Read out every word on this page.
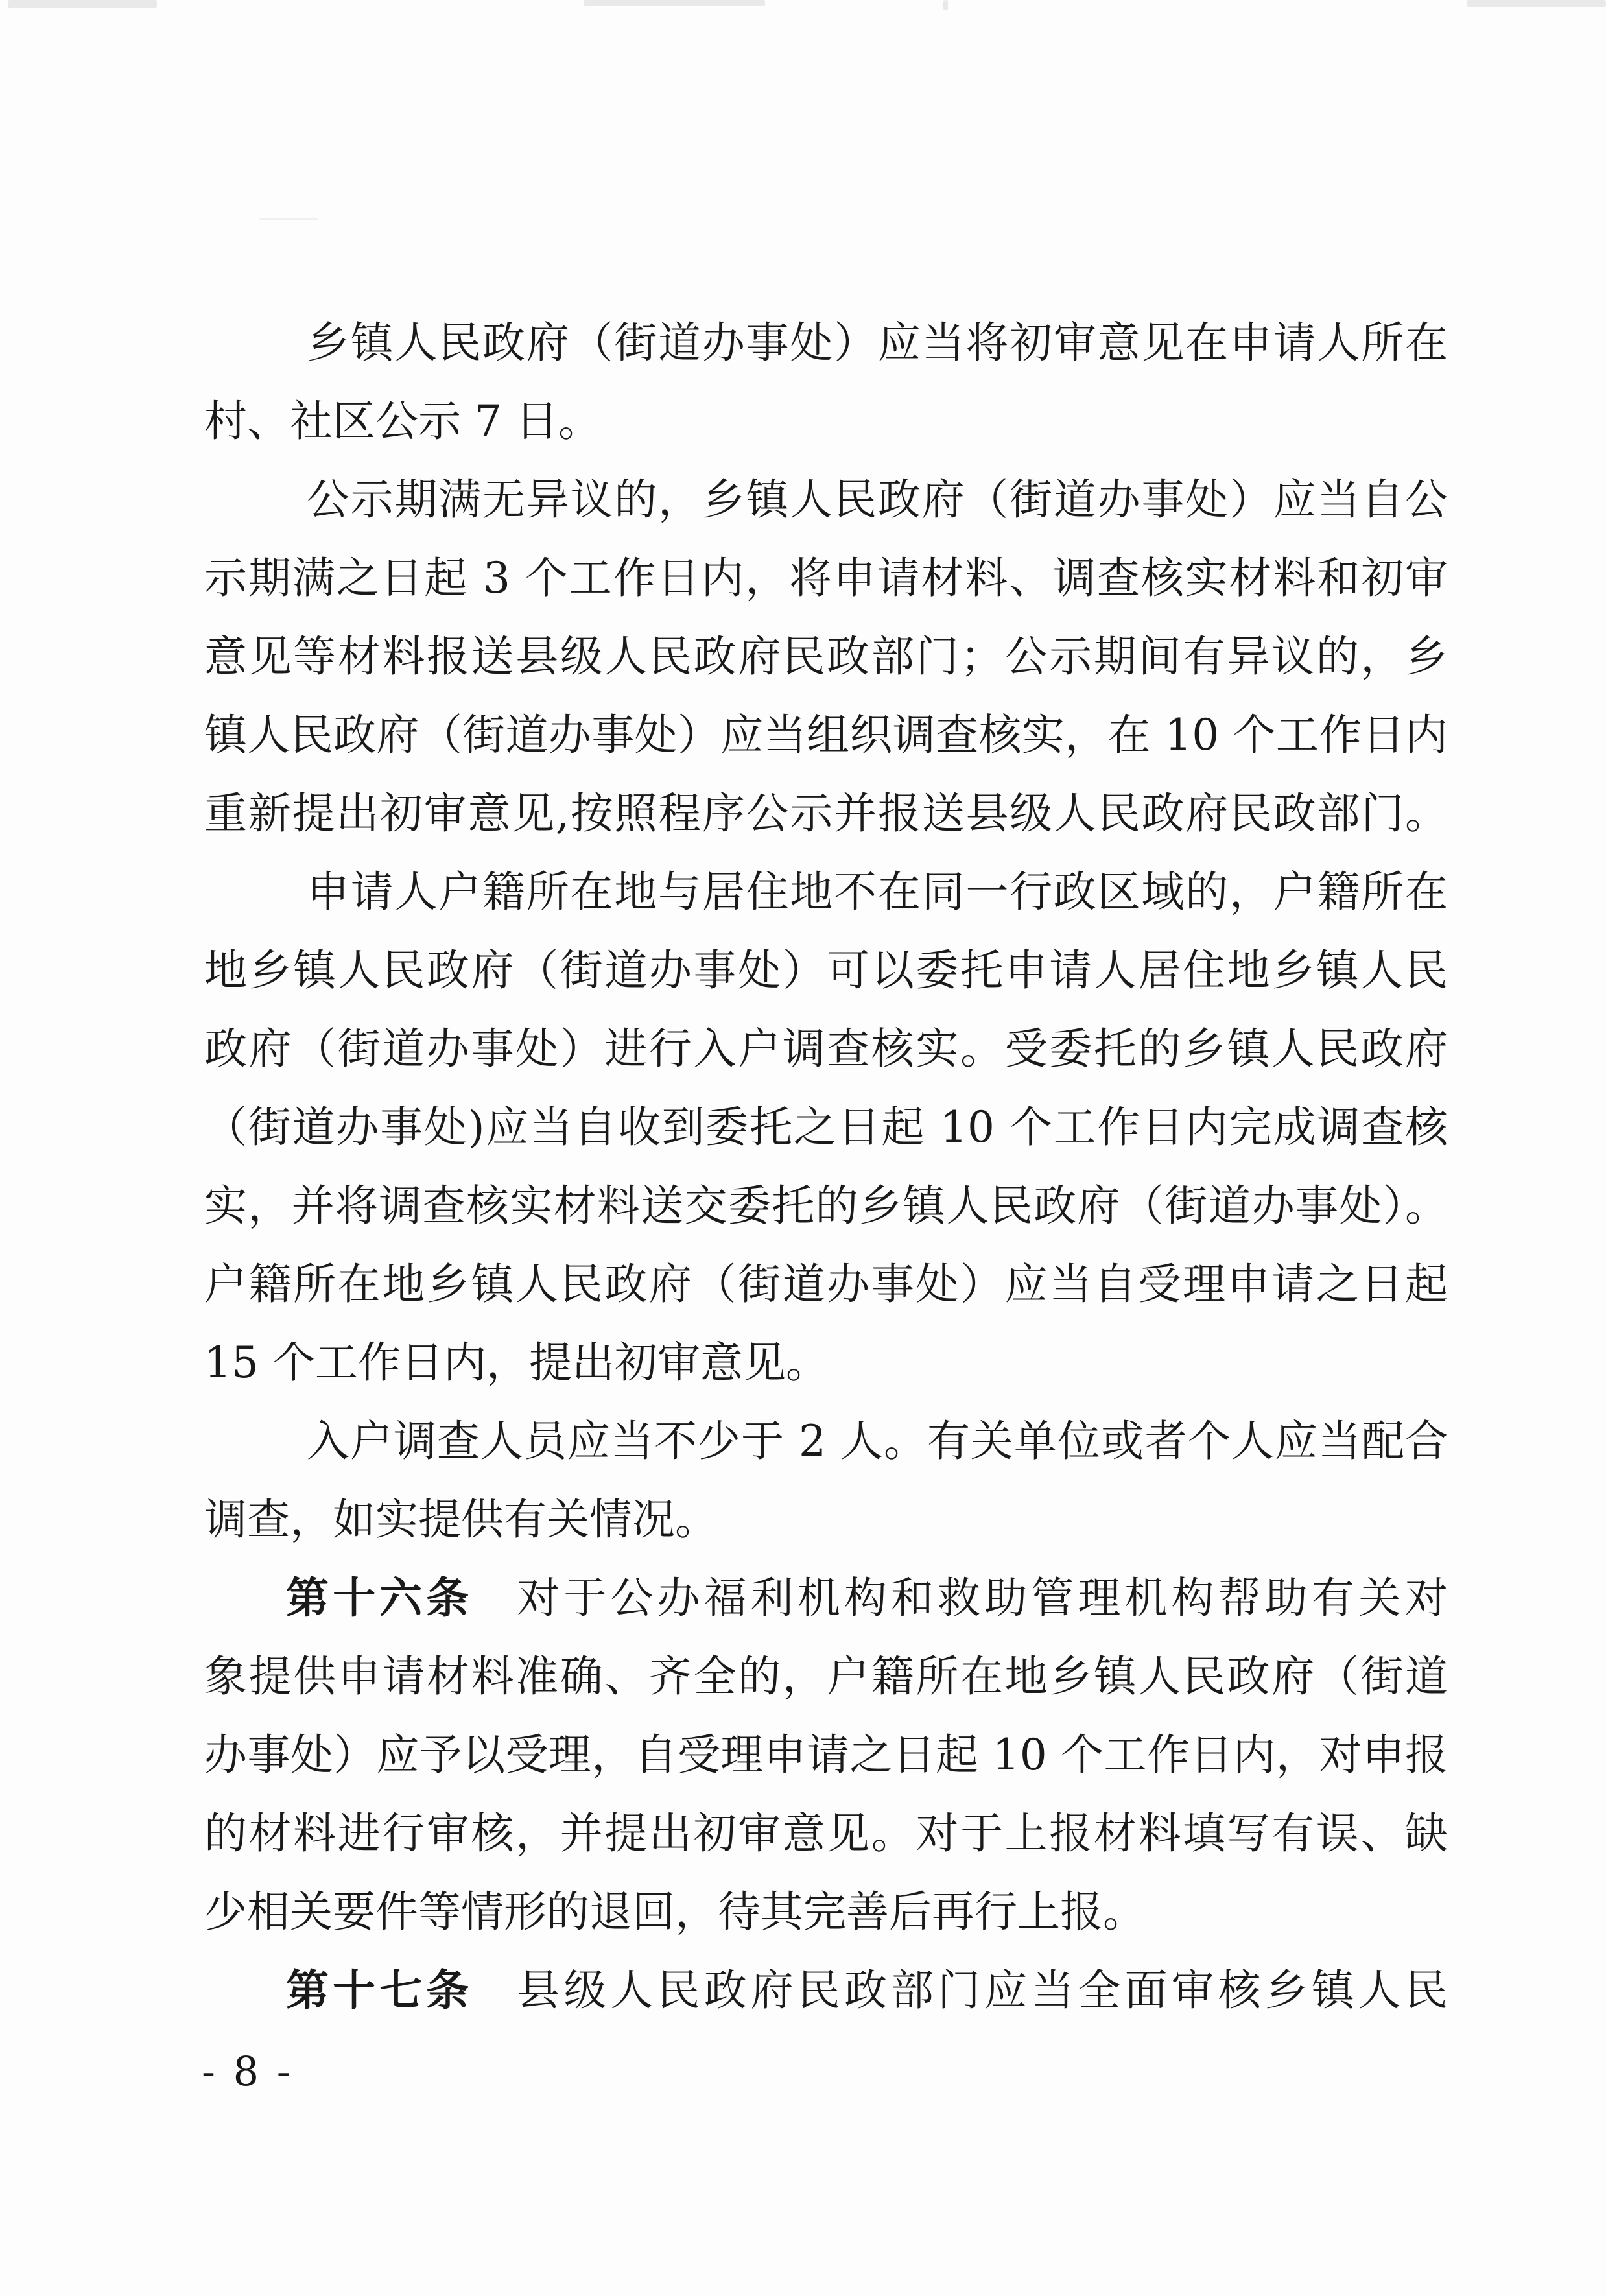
乡镇人民政府（街道办事处）应当将初审意见在申请人所在
村、社区公示 7 日。
公示期满无异议的，乡镇人民政府（街道办事处）应当自公
示期满之日起 3 个工作日内，将申请材料、调查核实材料和初审
意见等材料报送县级人民政府民政部门；公示期间有异议的，乡
镇人民政府（街道办事处）应当组织调查核实，在 10 个工作日内
重新提出初审意见,按照程序公示并报送县级人民政府民政部门。
申请人户籍所在地与居住地不在同一行政区域的，户籍所在
地乡镇人民政府（街道办事处）可以委托申请人居住地乡镇人民
政府（街道办事处）进行入户调查核实。受委托的乡镇人民政府
（街道办事处)应当自收到委托之日起 10 个工作日内完成调查核
实，并将调查核实材料送交委托的乡镇人民政府（街道办事处）。
户籍所在地乡镇人民政府（街道办事处）应当自受理申请之日起
15 个工作日内，提出初审意见。
入户调查人员应当不少于 2 人。有关单位或者个人应当配合
调查，如实提供有关情况。
第十六条 对于公办福利机构和救助管理机构帮助有关对
象提供申请材料准确、齐全的，户籍所在地乡镇人民政府（街道
办事处）应予以受理，自受理申请之日起 10 个工作日内，对申报
的材料进行审核，并提出初审意见。对于上报材料填写有误、缺
少相关要件等情形的退回，待其完善后再行上报。
第十七条 县级人民政府民政部门应当全面审核乡镇人民
- 8 -
